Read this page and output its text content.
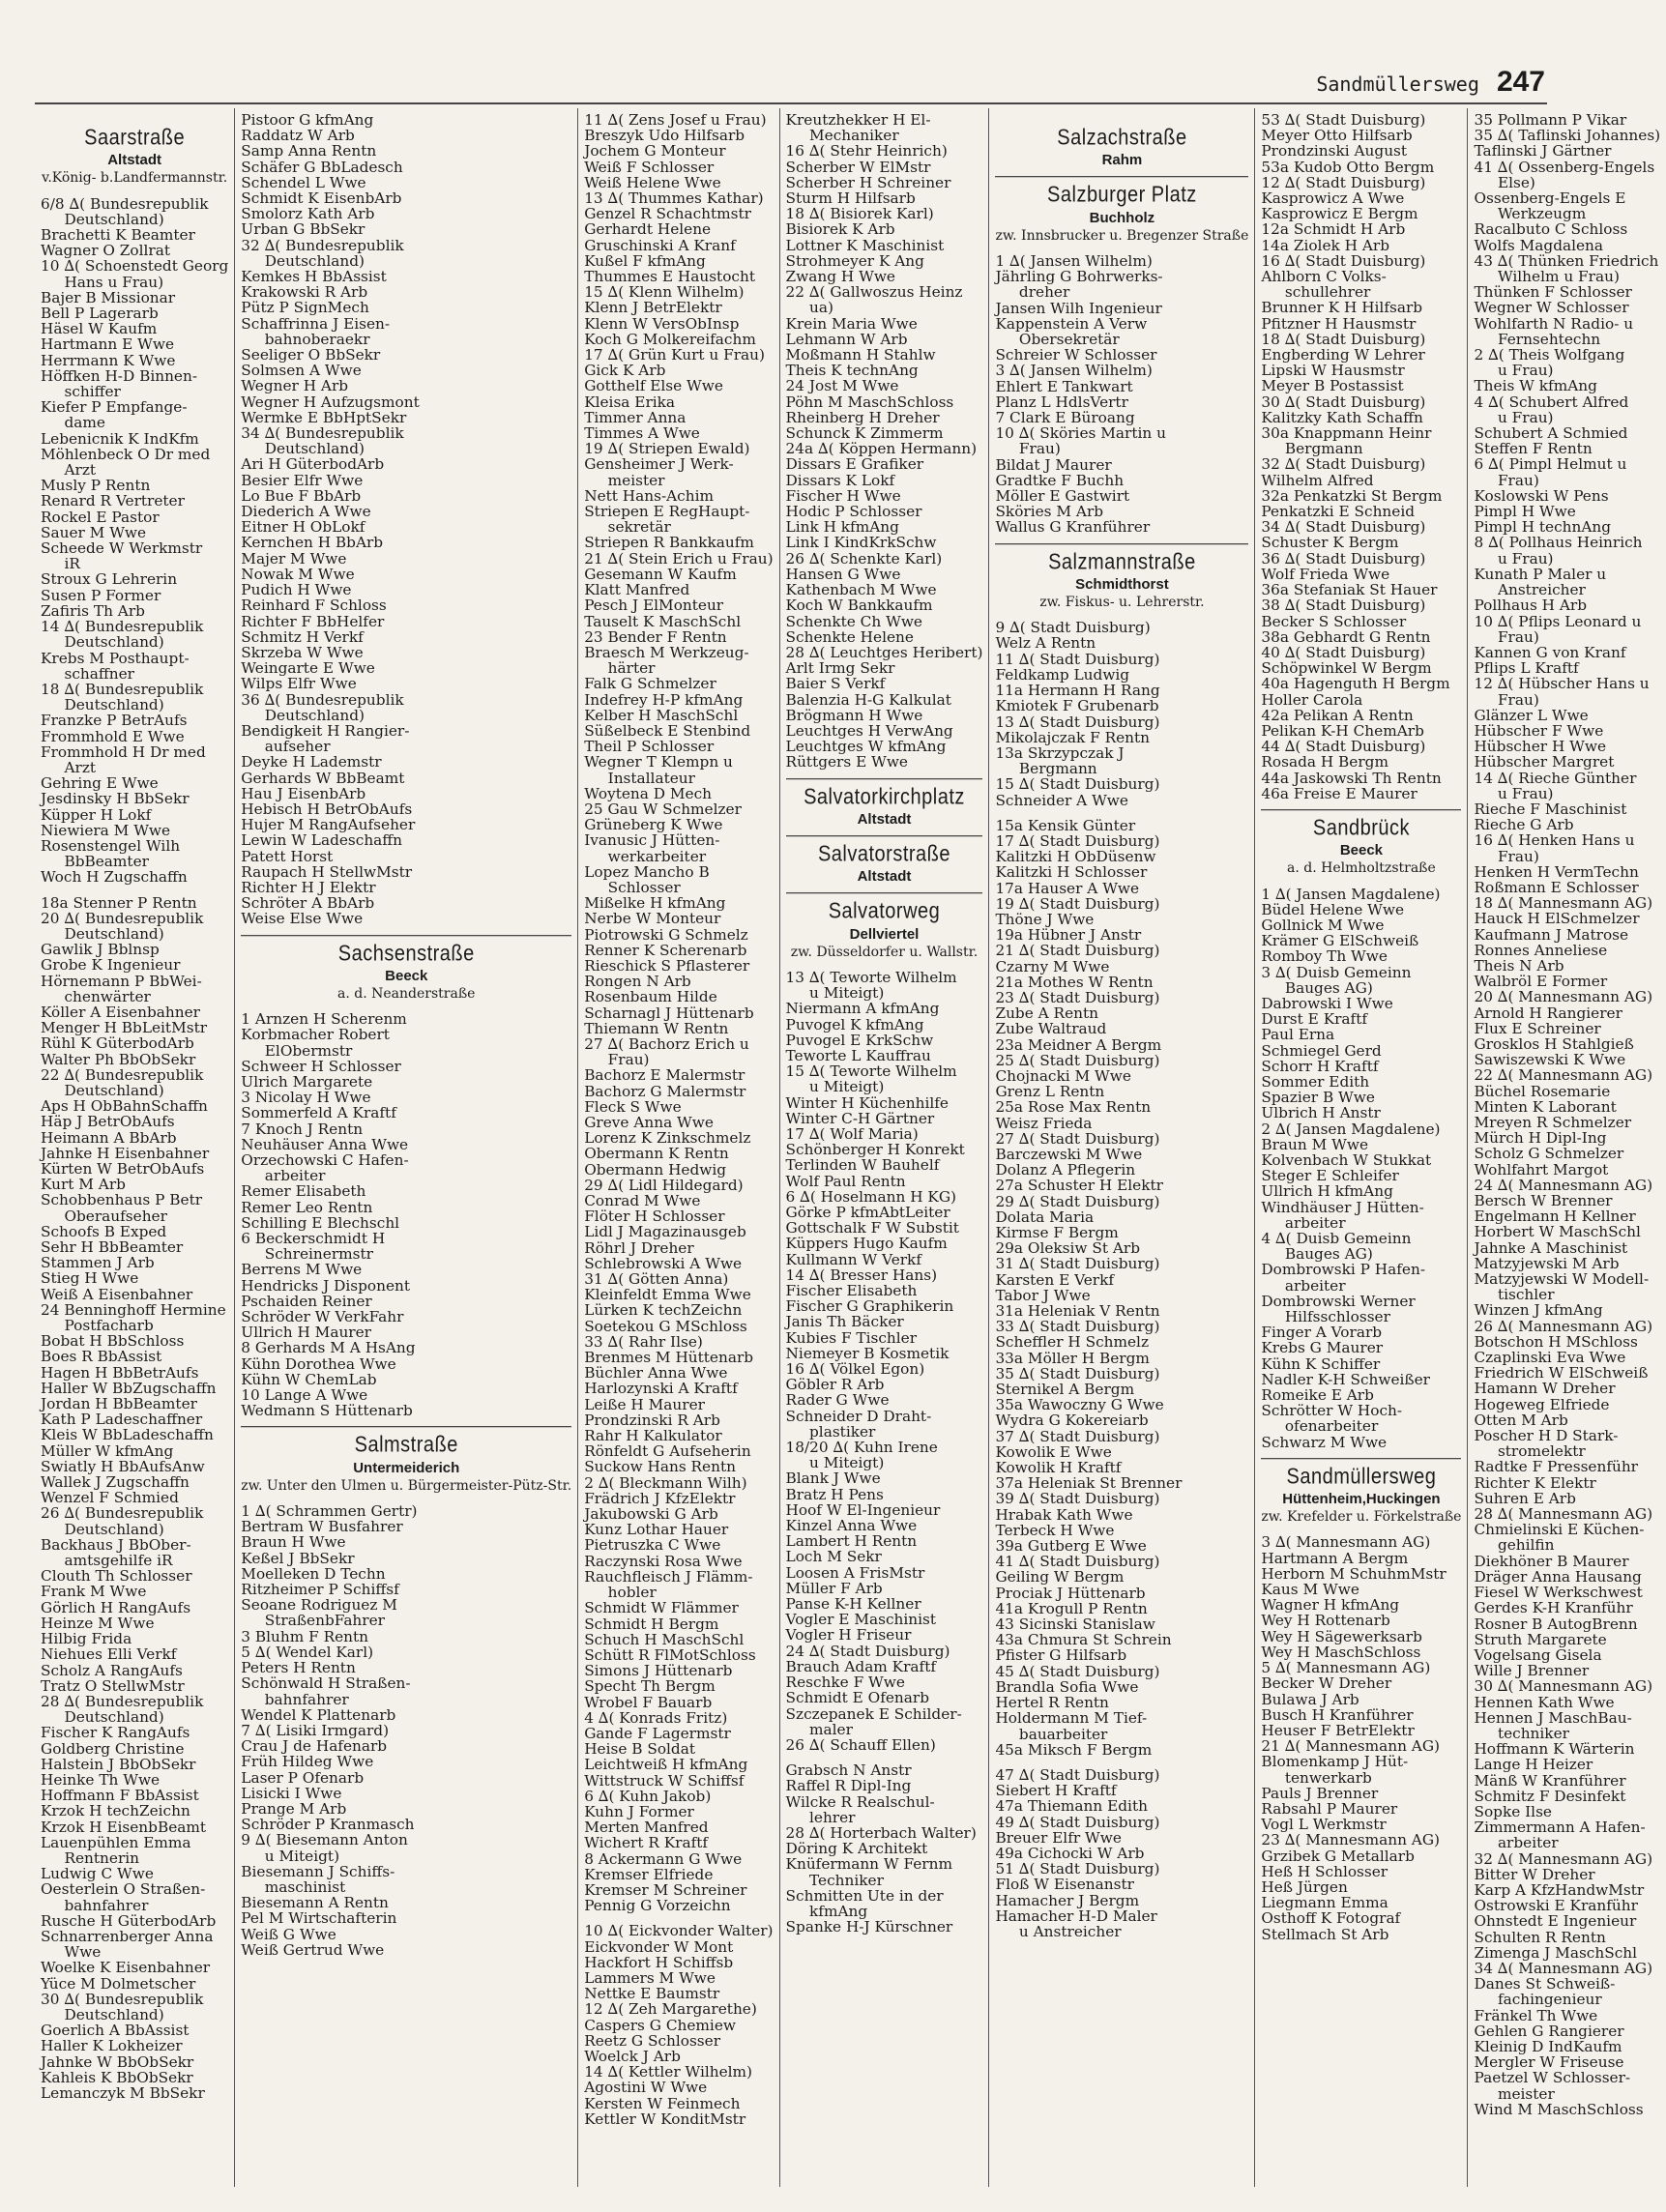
Sandmüllersweg 247
Saarstraße
Altstadt
v.König- b.Landfermannstr.
6/8 ∆( Bundesrepublik
Deutschland)
Brachetti K Beamter
Wagner O Zollrat
10 ∆( Schoenstedt Georg
Hans u Frau)
Bajer B Missionar
Bell P Lagerarb
Häsel W Kaufm
Hartmann E Wwe
Herrmann K Wwe
Höffken H-D Binnen-
schiffer
Kiefer P Empfange-
dame
Lebenicnik K IndKfm
Möhlenbeck O Dr med
Arzt
Musly P Rentn
Renard R Vertreter
Rockel E Pastor
Sauer M Wwe
Scheede W Werkmstr
iR
Stroux G Lehrerin
Susen P Former
Zafiris Th Arb
14 ∆( Bundesrepublik
Deutschland)
Krebs M Posthaupt-
schaffner
18 ∆( Bundesrepublik
Deutschland)
Franzke P BetrAufs
Frommhold E Wwe
Frommhold H Dr med
Arzt
Gehring E Wwe
Jesdinsky H BbSekr
Küpper H Lokf
Niewiera M Wwe
Rosenstengel Wilh
BbBeamter
Woch H Zugschaffn
18a Stenner P Rentn
20 ∆( Bundesrepublik
Deutschland)
Gawlik J Bblnsp
Grobe K Ingenieur
Hörnemann P BbWei-
chenwärter
Köller A Eisenbahner
Menger H BbLeitMstr
Rühl K GüterbodArb
Walter Ph BbObSekr
22 ∆( Bundesrepublik
Deutschland)
Aps H ObBahnSchaffn
Häp J BetrObAufs
Heimann A BbArb
Jahnke H Eisenbahner
Kürten W BetrObAufs
Kurt M Arb
Schobbenhaus P Betr
Oberaufseher
Schoofs B Exped
Sehr H BbBeamter
Stammen J Arb
Stieg H Wwe
Weiß A Eisenbahner
24 Benninghoff Hermine
Postfacharb
Bobat H BbSchloss
Boes R BbAssist
Hagen H BbBetrAufs
Haller W BbZugschaffn
Jordan H BbBeamter
Kath P Ladeschaffner
Kleis W BbLadeschaffn
Müller W kfmAng
Swiatly H BbAufsAnw
Wallek J Zugschaffn
Wenzel F Schmied
26 ∆( Bundesrepublik
Deutschland)
Backhaus J BbOber-
amtsgehilfe iR
Clouth Th Schlosser
Frank M Wwe
Görlich H RangAufs
Heinze M Wwe
Hilbig Frida
Niehues Elli Verkf
Scholz A RangAufs
Tratz O StellwMstr
28 ∆( Bundesrepublik
Deutschland)
Fischer K RangAufs
Goldberg Christine
Halstein J BbObSekr
Heinke Th Wwe
Hoffmann F BbAssist
Krzok H techZeichn
Krzok H EisenbBeamt
Lauenpühlen Emma
Rentnerin
Ludwig C Wwe
Oesterlein O Straßen-
bahnfahrer
Rusche H GüterbodArb
Schnarrenberger Anna
Wwe
Woelke K Eisenbahner
Yüce M Dolmetscher
30 ∆( Bundesrepublik
Deutschland)
Goerlich A BbAssist
Haller K Lokheizer
Jahnke W BbObSekr
Kahleis K BbObSekr
Lemanczyk M BbSekr
Pistoor G kfmAng
Raddatz W Arb
Samp Anna Rentn
Schäfer G BbLadesch
Schendel L Wwe
Schmidt K EisenbArb
Smolorz Kath Arb
Urban G BbSekr
32 ∆( Bundesrepublik
Deutschland)
Kemkes H BbAssist
Krakowski R Arb
Pütz P SignMech
Schaffrinna J Eisen-
bahnoberaekr
Seeliger O BbSekr
Solmsen A Wwe
Wegner H Arb
Wegner H Aufzugsmont
Wermke E BbHptSekr
34 ∆( Bundesrepublik
Deutschland)
Ari H GüterbodArb
Besier Elfr Wwe
Lo Bue F BbArb
Diederich A Wwe
Eitner H ObLokf
Kernchen H BbArb
Majer M Wwe
Nowak M Wwe
Pudich H Wwe
Reinhard F Schloss
Richter F BbHelfer
Schmitz H Verkf
Skrzeba W Wwe
Weingarte E Wwe
Wilps Elfr Wwe
36 ∆( Bundesrepublik
Deutschland)
Bendigkeit H Rangier-
aufseher
Deyke H Lademstr
Gerhards W BbBeamt
Hau J EisenbArb
Hebisch H BetrObAufs
Hujer M RangAufseher
Lewin W Ladeschaffn
Patett Horst
Raupach H StellwMstr
Richter H J Elektr
Schröter A BbArb
Weise Else Wwe
Sachsenstraße
Beeck
a. d. Neanderstraße
1 Arnzen H Scherenm
Korbmacher Robert
ElObermstr
Schweer H Schlosser
Ulrich Margarete
3 Nicolay H Wwe
Sommerfeld A Kraftf
7 Knoch J Rentn
Neuhäuser Anna Wwe
Orzechowski C Hafen-
arbeiter
Remer Elisabeth
Remer Leo Rentn
Schilling E Blechschl
6 Beckerschmidt H
Schreinermstr
Berrens M Wwe
Hendricks J Disponent
Pschaiden Reiner
Schröder W VerkFahr
Ullrich H Maurer
8 Gerhards M A HsAng
Kühn Dorothea Wwe
Kühn W ChemLab
10 Lange A Wwe
Wedmann S Hüttenarb
Salmstraße
Untermeiderich
zw. Unter den Ulmen u. Bürgermeister-Pütz-Str.
1 ∆( Schrammen Gertr)
Bertram W Busfahrer
Braun H Wwe
Keßel J BbSekr
Moelleken D Techn
Ritzheimer P Schiffsf
Seoane Rodriguez M
StraßenbFahrer
3 Bluhm F Rentn
5 ∆( Wendel Karl)
Peters H Rentn
Schönwald H Straßen-
bahnfahrer
Wendel K Plattenarb
7 ∆( Lisiki Irmgard)
Crau J de Hafenarb
Früh Hildeg Wwe
Laser P Ofenarb
Lisicki I Wwe
Prange M Arb
Schröder P Kranmasch
9 ∆( Biesemann Anton
u Miteigt)
Biesemann J Schiffs-
maschinist
Biesemann A Rentn
Pel M Wirtschafterin
Weiß G Wwe
Weiß Gertrud Wwe
11 ∆( Zens Josef u Frau)
Breszyk Udo Hilfsarb
Jochem G Monteur
Weiß F Schlosser
Weiß Helene Wwe
13 ∆( Thummes Kathar)
Genzel R Schachtmstr
Gerhardt Helene
Gruschinski A Kranf
Kußel F kfmAng
Thummes E Haustocht
15 ∆( Klenn Wilhelm)
Klenn J BetrElektr
Klenn W VersObInsp
Koch G Molkereifachm
17 ∆( Grün Kurt u Frau)
Gick K Arb
Gotthelf Else Wwe
Kleisa Erika
Timmer Anna
Timmes A Wwe
19 ∆( Striepen Ewald)
Gensheimer J Werk-
meister
Nett Hans-Achim
Striepen E RegHaupt-
sekretär
Striepen R Bankkaufm
21 ∆( Stein Erich u Frau)
Gesemann W Kaufm
Klatt Manfred
Pesch J ElMonteur
Tauselt K MaschSchl
23 Bender F Rentn
Braesch M Werkzeug-
härter
Falk G Schmelzer
Indefrey H-P kfmAng
Kelber H MaschSchl
Süßelbeck E Stenbind
Theil P Schlosser
Wegner T Klempn u
Installateur
Woytena D Mech
25 Gau W Schmelzer
Grüneberg K Wwe
Ivanusic J Hütten-
werkarbeiter
Lopez Mancho B
Schlosser
Mißelke H kfmAng
Nerbe W Monteur
Piotrowski G Schmelz
Renner K Scherenarb
Rieschick S Pflasterer
Rongen N Arb
Rosenbaum Hilde
Scharnagl J Hüttenarb
Thiemann W Rentn
27 ∆( Bachorz Erich u
Frau)
Bachorz E Malermstr
Bachorz G Malermstr
Fleck S Wwe
Greve Anna Wwe
Lorenz K Zinkschmelz
Obermann K Rentn
Obermann Hedwig
29 ∆( Lidl Hildegard)
Conrad M Wwe
Flöter H Schlosser
Lidl J Magazinausgeb
Röhrl J Dreher
Schlebrowski A Wwe
31 ∆( Götten Anna)
Kleinfeldt Emma Wwe
Lürken K techZeichn
Soetekou G MSchloss
33 ∆( Rahr Ilse)
Brenmes M Hüttenarb
Büchler Anna Wwe
Harlozynski A Kraftf
Leiße H Maurer
Prondzinski R Arb
Rahr H Kalkulator
Rönfeldt G Aufseherin
Suckow Hans Rentn
2 ∆( Bleckmann Wilh)
Frädrich J KfzElektr
Jakubowski G Arb
Kunz Lothar Hauer
Pietruszka C Wwe
Raczynski Rosa Wwe
Rauchfleisch J Flämm-
hobler
Schmidt W Flämmer
Schmidt H Bergm
Schuch H MaschSchl
Schütt R FlMotSchloss
Simons J Hüttenarb
Specht Th Bergm
Wrobel F Bauarb
4 ∆( Konrads Fritz)
Gande F Lagermstr
Heise B Soldat
Leichtweiß H kfmAng
Wittstruck W Schiffsf
6 ∆( Kuhn Jakob)
Kuhn J Former
Merten Manfred
Wichert R Kraftf
8 Ackermann G Wwe
Kremser Elfriede
Kremser M Schreiner
Pennig G Vorzeichn
10 ∆( Eickvonder Walter)
Eickvonder W Mont
Hackfort H Schiffsb
Lammers M Wwe
Nettke E Baumstr
12 ∆( Zeh Margarethe)
Caspers G Chemiew
Reetz G Schlosser
Woelck J Arb
14 ∆( Kettler Wilhelm)
Agostini W Wwe
Kersten W Feinmech
Kettler W KonditMstr
Kreutzhekker H El-
Mechaniker
16 ∆( Stehr Heinrich)
Scherber W ElMstr
Scherber H Schreiner
Sturm H Hilfsarb
18 ∆( Bisiorek Karl)
Bisiorek K Arb
Lottner K Maschinist
Strohmeyer K Ang
Zwang H Wwe
22 ∆( Gallwoszus Heinz
ua)
Krein Maria Wwe
Lehmann W Arb
Moßmann H Stahlw
Theis K technAng
24 Jost M Wwe
Pöhn M MaschSchloss
Rheinberg H Dreher
Schunck K Zimmerm
24a ∆( Köppen Hermann)
Dissars E Grafiker
Dissars K Lokf
Fischer H Wwe
Hodic P Schlosser
Link H kfmAng
Link I KindKrkSchw
26 ∆( Schenkte Karl)
Hansen G Wwe
Kathenbach M Wwe
Koch W Bankkaufm
Schenkte Ch Wwe
Schenkte Helene
28 ∆( Leuchtges Heribert)
Arlt Irmg Sekr
Baier S Verkf
Balenzia H-G Kalkulat
Brögmann H Wwe
Leuchtges H VerwAng
Leuchtges W kfmAng
Rüttgers E Wwe
Salvatorkirchplatz
Altstadt
Salvatorstraße
Altstadt
Salvatorweg
Dellviertel
zw. Düsseldorfer u. Wallstr.
13 ∆( Teworte Wilhelm
u Miteigt)
Niermann A kfmAng
Puvogel K kfmAng
Puvogel E KrkSchw
Teworte L Kauffrau
15 ∆( Teworte Wilhelm
u Miteigt)
Winter H Küchenhilfe
Winter C-H Gärtner
17 ∆( Wolf Maria)
Schönberger H Konrekt
Terlinden W Bauhelf
Wolf Paul Rentn
6 ∆( Hoselmann H KG)
Görke P kfmAbtLeiter
Gottschalk F W Substit
Küppers Hugo Kaufm
Kullmann W Verkf
14 ∆( Bresser Hans)
Fischer Elisabeth
Fischer G Graphikerin
Janis Th Bäcker
Kubies F Tischler
Niemeyer B Kosmetik
16 ∆( Völkel Egon)
Göbler R Arb
Rader G Wwe
Schneider D Draht-
plastiker
18/20 ∆( Kuhn Irene
u Miteigt)
Blank J Wwe
Bratz H Pens
Hoof W El-Ingenieur
Kinzel Anna Wwe
Lambert H Rentn
Loch M Sekr
Loosen A FrisMstr
Müller F Arb
Panse K-H Kellner
Vogler E Maschinist
Vogler H Friseur
24 ∆( Stadt Duisburg)
Brauch Adam Kraftf
Reschke F Wwe
Schmidt E Ofenarb
Szczepanek E Schilder-
maler
26 ∆( Schauff Ellen)
Grabsch N Anstr
Raffel R Dipl-Ing
Wilcke R Realschul-
lehrer
28 ∆( Horterbach Walter)
Döring K Architekt
Knüfermann W Fernm
Techniker
Schmitten Ute in der
kfmAng
Spanke H-J Kürschner
Salzachstraße
Rahm
Salzburger Platz
Buchholz
zw. Innsbrucker u. Bregenzer Straße
1 ∆( Jansen Wilhelm)
Jährling G Bohrwerks-
dreher
Jansen Wilh Ingenieur
Kappenstein A Verw
Obersekretär
Schreier W Schlosser
3 ∆( Jansen Wilhelm)
Ehlert E Tankwart
Planz L HdlsVertr
7 Clark E Büroang
10 ∆( Sköries Martin u
Frau)
Bildat J Maurer
Gradtke F Buchh
Möller E Gastwirt
Sköries M Arb
Wallus G Kranführer
Salzmannstraße
Schmidthorst
zw. Fiskus- u. Lehrerstr.
9 ∆( Stadt Duisburg)
Welz A Rentn
11 ∆( Stadt Duisburg)
Feldkamp Ludwig
11a Hermann H Rang
Kmiotek F Grubenarb
13 ∆( Stadt Duisburg)
Mikolajczak F Rentn
13a Skrzypczak J
Bergmann
15 ∆( Stadt Duisburg)
Schneider A Wwe
15a Kensik Günter
17 ∆( Stadt Duisburg)
Kalitzki H ObDüsenw
Kalitzki H Schlosser
17a Hauser A Wwe
19 ∆( Stadt Duisburg)
Thöne J Wwe
19a Hübner J Anstr
21 ∆( Stadt Duisburg)
Czarny M Wwe
21a Mothes W Rentn
23 ∆( Stadt Duisburg)
Zube A Rentn
Zube Waltraud
23a Meidner A Bergm
25 ∆( Stadt Duisburg)
Chojnacki M Wwe
Grenz L Rentn
25a Rose Max Rentn
Weisz Frieda
27 ∆( Stadt Duisburg)
Barczewski M Wwe
Dolanz A Pflegerin
27a Schuster H Elektr
29 ∆( Stadt Duisburg)
Dolata Maria
Kirmse F Bergm
29a Oleksiw St Arb
31 ∆( Stadt Duisburg)
Karsten E Verkf
Tabor J Wwe
31a Heleniak V Rentn
33 ∆( Stadt Duisburg)
Scheffler H Schmelz
33a Möller H Bergm
35 ∆( Stadt Duisburg)
Sternikel A Bergm
35a Wawoczny G Wwe
Wydra G Kokereiarb
37 ∆( Stadt Duisburg)
Kowolik E Wwe
Kowolik H Kraftf
37a Heleniak St Brenner
39 ∆( Stadt Duisburg)
Hrabak Kath Wwe
Terbeck H Wwe
39a Gutberg E Wwe
41 ∆( Stadt Duisburg)
Geiling W Bergm
Prociak J Hüttenarb
41a Krogull P Rentn
43 Sicinski Stanislaw
43a Chmura St Schrein
Pfister G Hilfsarb
45 ∆( Stadt Duisburg)
Brandla Sofia Wwe
Hertel R Rentn
Holdermann M Tief-
bauarbeiter
45a Miksch F Bergm
47 ∆( Stadt Duisburg)
Siebert H Kraftf
47a Thiemann Edith
49 ∆( Stadt Duisburg)
Breuer Elfr Wwe
49a Cichocki W Arb
51 ∆( Stadt Duisburg)
Floß W Eisenanstr
Hamacher J Bergm
Hamacher H-D Maler
u Anstreicher
53 ∆( Stadt Duisburg)
Meyer Otto Hilfsarb
Prondzinski August
53a Kudob Otto Bergm
12 ∆( Stadt Duisburg)
Kasprowicz A Wwe
Kasprowicz E Bergm
12a Schmidt H Arb
14a Ziolek H Arb
16 ∆( Stadt Duisburg)
Ahlborn C Volks-
schullehrer
Brunner K H Hilfsarb
Pfitzner H Hausmstr
18 ∆( Stadt Duisburg)
Engberding W Lehrer
Lipski W Hausmstr
Meyer B Postassist
30 ∆( Stadt Duisburg)
Kalitzky Kath Schaffn
30a Knappmann Heinr
Bergmann
32 ∆( Stadt Duisburg)
Wilhelm Alfred
32a Penkatzki St Bergm
Penkatzki E Schneid
34 ∆( Stadt Duisburg)
Schuster K Bergm
36 ∆( Stadt Duisburg)
Wolf Frieda Wwe
36a Stefaniak St Hauer
38 ∆( Stadt Duisburg)
Becker S Schlosser
38a Gebhardt G Rentn
40 ∆( Stadt Duisburg)
Schöpwinkel W Bergm
40a Hagenguth H Bergm
Holler Carola
42a Pelikan A Rentn
Pelikan K-H ChemArb
44 ∆( Stadt Duisburg)
Rosada H Bergm
44a Jaskowski Th Rentn
46a Freise E Maurer
Sandbrück
Beeck
a. d. Helmholtzstraße
1 ∆( Jansen Magdalene)
Büdel Helene Wwe
Gollnick M Wwe
Krämer G ElSchweiß
Romboy Th Wwe
3 ∆( Duisb Gemeinn
Bauges AG)
Dabrowski I Wwe
Durst E Kraftf
Paul Erna
Schmiegel Gerd
Schorr H Kraftf
Sommer Edith
Spazier B Wwe
Ulbrich H Anstr
2 ∆( Jansen Magdalene)
Braun M Wwe
Kolvenbach W Stukkat
Steger E Schleifer
Ullrich H kfmAng
Windhäuser J Hütten-
arbeiter
4 ∆( Duisb Gemeinn
Bauges AG)
Dombrowski P Hafen-
arbeiter
Dombrowski Werner
Hilfsschlosser
Finger A Vorarb
Krebs G Maurer
Kühn K Schiffer
Nadler K-H Schweißer
Romeike E Arb
Schrötter W Hoch-
ofenarbeiter
Schwarz M Wwe
Sandmüllersweg
Hüttenheim,Huckingen
zw. Krefelder u. Förkelstraße
3 ∆( Mannesmann AG)
Hartmann A Bergm
Herborn M SchuhmMstr
Kaus M Wwe
Wagner H kfmAng
Wey H Rottenarb
Wey H Sägewerksarb
Wey H MaschSchloss
5 ∆( Mannesmann AG)
Becker W Dreher
Bulawa J Arb
Busch H Kranführer
Heuser F BetrElektr
21 ∆( Mannesmann AG)
Blomenkamp J Hüt-
tenwerkarb
Pauls J Brenner
Rabsahl P Maurer
Vogl L Werkmstr
23 ∆( Mannesmann AG)
Grzibek G Metallarb
Heß H Schlosser
Heß Jürgen
Liegmann Emma
Osthoff K Fotograf
Stellmach St Arb
35 Pollmann P Vikar
35 ∆( Taflinski Johannes)
Taflinski J Gärtner
41 ∆( Ossenberg-Engels
Else)
Ossenberg-Engels E
Werkzeugm
Racalbuto C Schloss
Wolfs Magdalena
43 ∆( Thünken Friedrich
Wilhelm u Frau)
Thünken F Schlosser
Wegner W Schlosser
Wohlfarth N Radio- u
Fernsehtechn
2 ∆( Theis Wolfgang
u Frau)
Theis W kfmAng
4 ∆( Schubert Alfred
u Frau)
Schubert A Schmied
Steffen F Rentn
6 ∆( Pimpl Helmut u
Frau)
Koslowski W Pens
Pimpl H Wwe
Pimpl H technAng
8 ∆( Pollhaus Heinrich
u Frau)
Kunath P Maler u
Anstreicher
Pollhaus H Arb
10 ∆( Pflips Leonard u
Frau)
Kannen G von Kranf
Pflips L Kraftf
12 ∆( Hübscher Hans u
Frau)
Glänzer L Wwe
Hübscher F Wwe
Hübscher H Wwe
Hübscher Margret
14 ∆( Rieche Günther
u Frau)
Rieche F Maschinist
Rieche G Arb
16 ∆( Henken Hans u
Frau)
Henken H VermTechn
Roßmann E Schlosser
18 ∆( Mannesmann AG)
Hauck H ElSchmelzer
Kaufmann J Matrose
Ronnes Anneliese
Theis N Arb
Walbröl E Former
20 ∆( Mannesmann AG)
Arnold H Rangierer
Flux E Schreiner
Grosklos H Stahlgieß
Sawiszewski K Wwe
22 ∆( Mannesmann AG)
Büchel Rosemarie
Minten K Laborant
Mreyen R Schmelzer
Mürch H Dipl-Ing
Scholz G Schmelzer
Wohlfahrt Margot
24 ∆( Mannesmann AG)
Bersch W Brenner
Engelmann H Kellner
Horbert W MaschSchl
Jahnke A Maschinist
Matzyjewski M Arb
Matzyjewski W Modell-
tischler
Winzen J kfmAng
26 ∆( Mannesmann AG)
Botschon H MSchloss
Czaplinski Eva Wwe
Friedrich W ElSchweiß
Hamann W Dreher
Hogeweg Elfriede
Otten M Arb
Poscher H D Stark-
stromelektr
Radtke F Pressenführ
Richter K Elektr
Suhren E Arb
28 ∆( Mannesmann AG)
Chmielinski E Küchen-
gehilfin
Diekhöner B Maurer
Dräger Anna Hausang
Fiesel W Werkschwest
Gerdes K-H Kranführ
Rosner B AutogBrenn
Struth Margarete
Vogelsang Gisela
Wille J Brenner
30 ∆( Mannesmann AG)
Hennen Kath Wwe
Hennen J MaschBau-
techniker
Hoffmann K Wärterin
Lange H Heizer
Mänß W Kranführer
Schmitz F Desinfekt
Sopke Ilse
Zimmermann A Hafen-
arbeiter
32 ∆( Mannesmann AG)
Bitter W Dreher
Karp A KfzHandwMstr
Ostrowski E Kranführ
Ohnstedt E Ingenieur
Schulten R Rentn
Zimenga J MaschSchl
34 ∆( Mannesmann AG)
Danes St Schweiß-
fachingenieur
Fränkel Th Wwe
Gehlen G Rangierer
Kleinig D IndKaufm
Mergler W Friseuse
Paetzel W Schlosser-
meister
Wind M MaschSchloss
